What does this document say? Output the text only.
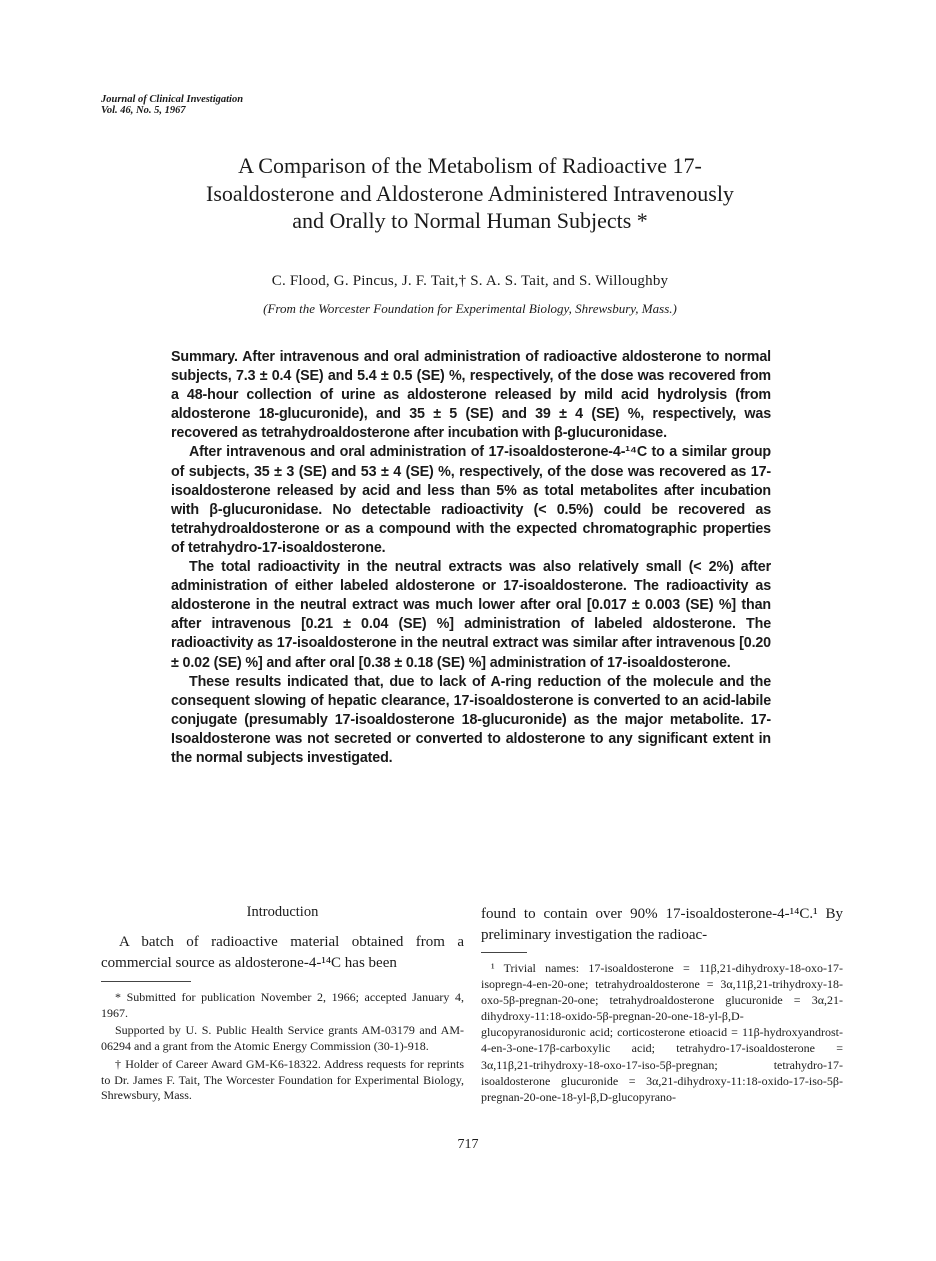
Journal of Clinical Investigation
Vol. 46, No. 5, 1967
A Comparison of the Metabolism of Radioactive 17-Isoaldosterone and Aldosterone Administered Intravenously and Orally to Normal Human Subjects *
C. Flood, G. Pincus, J. F. Tait,† S. A. S. Tait, and S. Willoughby
(From the Worcester Foundation for Experimental Biology, Shrewsbury, Mass.)

Summary. After intravenous and oral administration of radioactive aldosterone to normal subjects, 7.3 ± 0.4 (SE) and 5.4 ± 0.5 (SE) %, respectively, of the dose was recovered from a 48-hour collection of urine as aldosterone released by mild acid hydrolysis (from aldosterone 18-glucuronide), and 35 ± 5 (SE) and 39 ± 4 (SE) %, respectively, was recovered as tetrahydroaldosterone after incubation with β-glucuronidase.

After intravenous and oral administration of 17-isoaldosterone-4-¹⁴C to a similar group of subjects, 35 ± 3 (SE) and 53 ± 4 (SE) %, respectively, of the dose was recovered as 17-isoaldosterone released by acid and less than 5% as total metabolites after incubation with β-glucuronidase. No detectable radioactivity (< 0.5%) could be recovered as tetrahydroaldosterone or as a compound with the expected chromatographic properties of tetrahydro-17-isoaldosterone.

The total radioactivity in the neutral extracts was also relatively small (< 2%) after administration of either labeled aldosterone or 17-isoaldosterone. The radioactivity as aldosterone in the neutral extract was much lower after oral [0.017 ± 0.003 (SE) %] than after intravenous [0.21 ± 0.04 (SE) %] administration of labeled aldosterone. The radioactivity as 17-isoaldosterone in the neutral extract was similar after intravenous [0.20 ± 0.02 (SE) %] and after oral [0.38 ± 0.18 (SE) %] administration of 17-isoaldosterone.

These results indicated that, due to lack of A-ring reduction of the molecule and the consequent slowing of hepatic clearance, 17-isoaldosterone is converted to an acid-labile conjugate (presumably 17-isoaldosterone 18-glucuronide) as the major metabolite. 17-Isoaldosterone was not secreted or converted to aldosterone to any significant extent in the normal subjects investigated.

Introduction

A batch of radioactive material obtained from a commercial source as aldosterone-4-¹⁴C has been

* Submitted for publication November 2, 1966; accepted January 4, 1967.

Supported by U. S. Public Health Service grants AM-03179 and AM-06294 and a grant from the Atomic Energy Commission (30-1)-918.

† Holder of Career Award GM-K6-18322. Address requests for reprints to Dr. James F. Tait, The Worcester Foundation for Experimental Biology, Shrewsbury, Mass.

found to contain over 90% 17-isoaldosterone-4-¹⁴C.¹ By preliminary investigation the radioac-

¹ Trivial names: 17-isoaldosterone = 11β,21-dihydroxy-18-oxo-17-isopregn-4-en-20-one; tetrahydroaldosterone = 3α,11β,21-trihydroxy-18-oxo-5β-pregnan-20-one; tetrahydroaldosterone glucuronide = 3α,21-dihydroxy-11:18-oxido-5β-pregnan-20-one-18-yl-β,D-glucopyranosiduronic acid; corticosterone etioacid = 11β-hydroxyandrost-4-en-3-one-17β-carboxylic acid; tetrahydro-17-isoaldosterone = 3α,11β,21-trihydroxy-18-oxo-17-iso-5β-pregnan; tetrahydro-17-isoaldosterone glucuronide = 3α,21-dihydroxy-11:18-oxido-17-iso-5β-pregnan-20-one-18-yl-β,D-glucopyrano-

717
